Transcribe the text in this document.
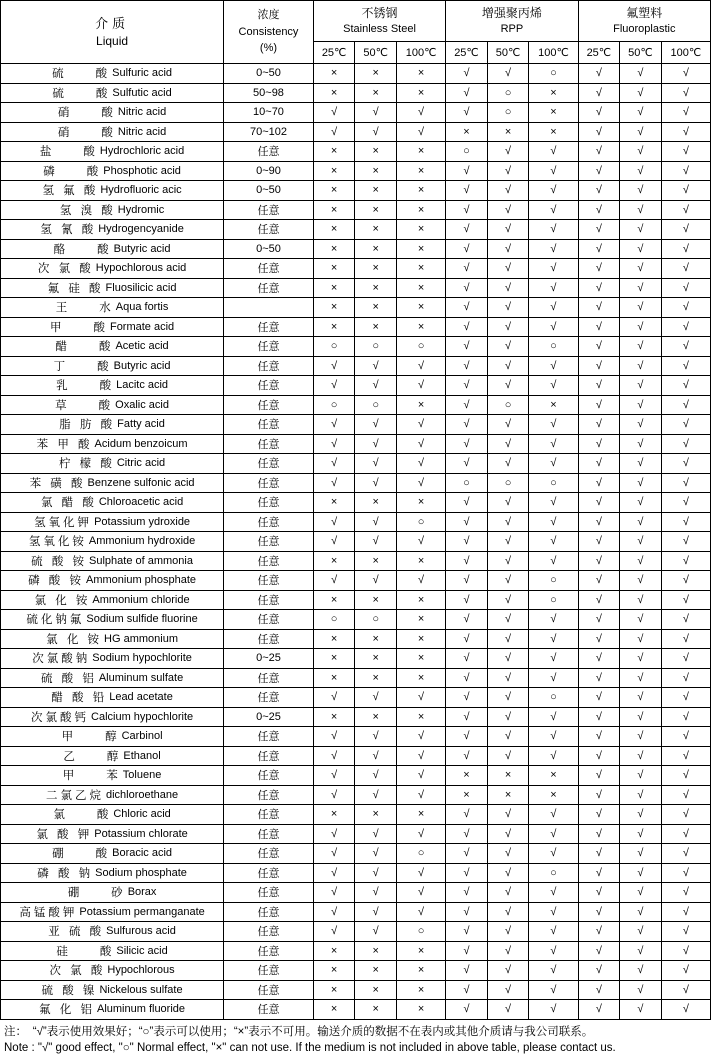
介质
Liquid

浓度
Consistency
(%)

不锈钢
Stainless Steel

增强聚丙烯
RPP

氟塑料
Fluoroplastic

		25℃	50℃	100℃	25℃	50℃	100℃	25℃	50℃	100℃
硫　　酸 Sulfuric acid	0~50	×	×	×	√	√	○	√	√	√
硫　　酸 Sulfutic acid	50~98	×	×	×	√	○	×	√	√	√
硝　　酸 Nitric acid	10~70	√	√	√	√	○	×	√	√	√
硝　　酸 Nitric acid	70~102	√	√	√	×	×	×	√	√	√
盐　　酸 Hydrochloric acid	任意	×	×	×	○	√	√	√	√	√
磷　　酸 Phosphotic acid	0~90	×	×	×	√	√	√	√	√	√
氢 氟 酸 Hydrofluoric acic	0~50	×	×	×	√	√	√	√	√	√
氢 溴 酸 Hydromic	任意	×	×	×	√	√	√	√	√	√
氢 氰 酸 Hydrogencyanide	任意	×	×	×	√	√	√	√	√	√
酪　　酸 Butyric acid	0~50	×	×	×	√	√	√	√	√	√
次 氯 酸 Hypochlorous acid	任意	×	×	×	√	√	√	√	√	√
氟 硅 酸 Fluosilicic acid	任意	×	×	×	√	√	√	√	√	√
王　　水 Aqua fortis		×	×	×	√	√	√	√	√	√
甲　　酸 Formate acid	任意	×	×	×	√	√	√	√	√	√
醋　　酸 Acetic acid	任意	○	○	○	√	√	○	√	√	√
丁　　酸 Butyric acid	任意	√	√	√	√	√	√	√	√	√
乳　　酸 Lacitc acid	任意	√	√	√	√	√	√	√	√	√
草　　酸 Oxalic acid	任意	○	○	×	√	○	×	√	√	√
脂 肪 酸 Fatty acid	任意	√	√	√	√	√	√	√	√	√
苯 甲 酸 Acidum benzoicum	任意	√	√	√	√	√	√	√	√	√
柠 檬 酸 Citric acid	任意	√	√	√	√	√	√	√	√	√
苯 磺 酸 Benzene sulfonic acid	任意	√	√	√	○	○	○	√	√	√
氯 醋 酸 Chloroacetic acid	任意	×	×	×	√	√	√	√	√	√
氢氧化钾 Potassium ydroxide	任意	√	√	○	√	√	√	√	√	√
氢氧化铵 Ammonium hydroxide	任意	√	√	√	√	√	√	√	√	√
硫 酸 铵 Sulphate of ammonia	任意	×	×	×	√	√	√	√	√	√
磷 酸 铵 Ammonium phosphate	任意	√	√	√	√	√	○	√	√	√
氯 化 铵 Ammonium chloride	任意	×	×	×	√	√	○	√	√	√
硫化钠氟 Sodium sulfide fluorine	任意	○	○	×	√	√	√	√	√	√
氯 化 铵 HG ammonium	任意	×	×	×	√	√	√	√	√	√
次氯酸钠 Sodium hypochlorite	0~25	×	×	×	√	√	√	√	√	√
硫 酸 铝 Aluminum sulfate	任意	×	×	×	√	√	√	√	√	√
醋 酸 铅 Lead acetate	任意	√	√	√	√	√	○	√	√	√
次氯酸钙 Calcium hypochlorite	0~25	×	×	×	√	√	√	√	√	√
甲　　醇 Carbinol	任意	√	√	√	√	√	√	√	√	√
乙　　醇 Ethanol	任意	√	√	√	√	√	√	√	√	√
甲　　苯 Toluene	任意	√	√	√	×	×	×	√	√	√
二氯乙烷 dichloroethane	任意	√	√	√	×	×	×	√	√	√
氯　　酸 Chloric acid	任意	×	×	×	√	√	√	√	√	√
氯 酸 钾 Potassium chlorate	任意	√	√	√	√	√	√	√	√	√
硼　　酸 Boracic acid	任意	√	√	○	√	√	√	√	√	√
磷 酸 钠 Sodium phosphate	任意	√	√	√	√	√	○	√	√	√
硼　　砂 Borax	任意	√	√	√	√	√	√	√	√	√
高锰酸钾 Potassium permanganate	任意	√	√	√	√	√	√	√	√	√
亚 硫 酸 Sulfurous acid	任意	√	√	○	√	√	√	√	√	√
硅　　酸 Silicic acid	任意	×	×	×	√	√	√	√	√	√
次 氯 酸 Hypochlorous	任意	×	×	×	√	√	√	√	√	√
硫 酸 镍 Nickelous sulfate	任意	×	×	×	√	√	√	√	√	√
氟 化 铝 Aluminum fluoride	任意	×	×	×	√	√	√	√	√	√
注：　“√”表示使用效果好；“○”表示可以使用；“×”表示不可用。输送介质的数据不在表内或其他介质请与我公司联系。
Note : "√" good effect, "○" Normal effect, "×" can not use. If the medium is not included in above table, please contact us.
